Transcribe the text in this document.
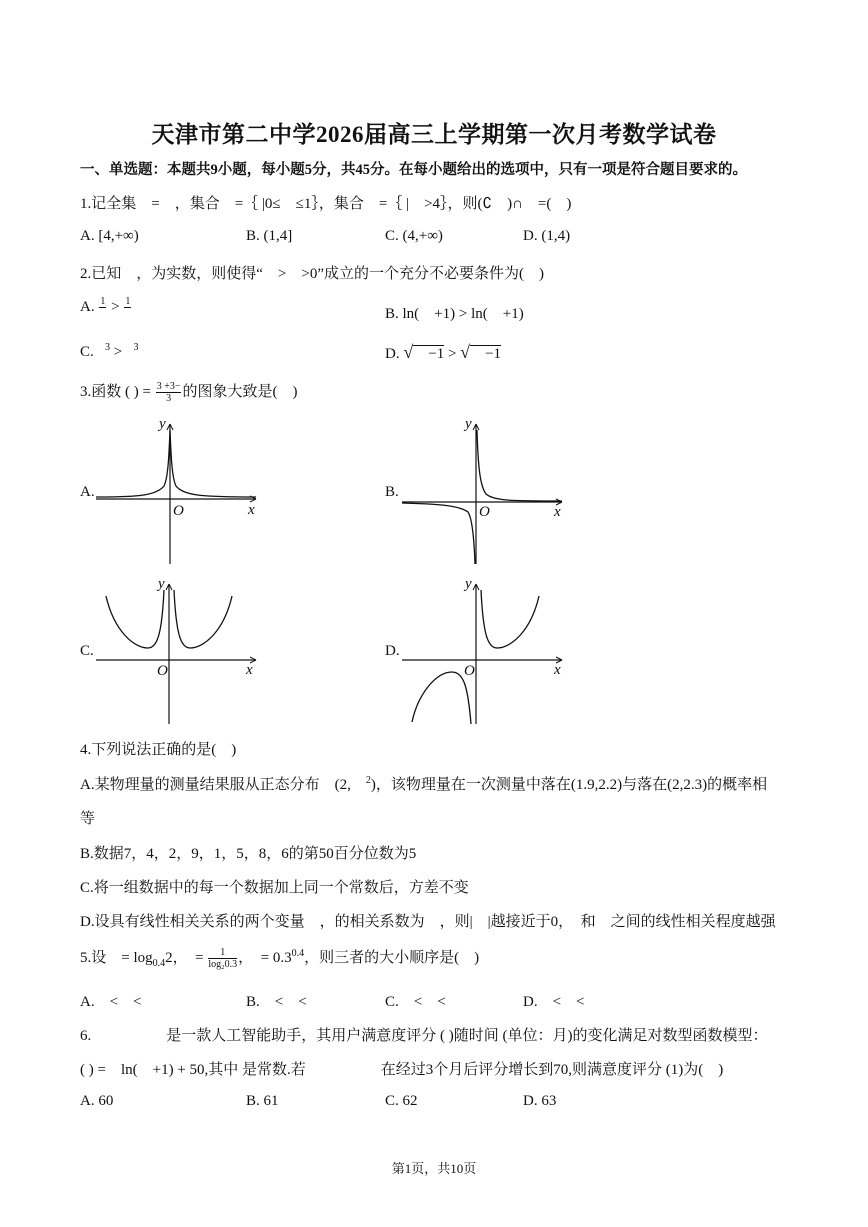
天津市第二中学2026届高三上学期第一次月考数学试卷
一、单选题：本题共9小题，每小题5分，共45分。在每小题给出的选项中，只有一项是符合题目要求的。
1.记全集　=　，集合　=｛ |0≤　≤1｝，集合　=｛ |　>4｝，则(∁　)∩　=(　)
A. [4,+∞)	B. (1,4]	C. (4,+∞)	D. (1,4)
2.已知　，为实数，则使得“　>　>0”成立的一个充分不必要条件为(　)
A. 1
> 1

B. ln(　+1) > ln(　+1)
C. $^3$ > $^3$	D. √　−1 > √　−1
3.函数 ( ) = $\frac{3 +3-}{3}$ 的图象大致是(　)
A.	B.
C.	D.
y
x
O
y
x
O
y
x
O
y
x
O
4.下列说法正确的是(　)
A.某物理量的测量结果服从正态分布　(2,　$^2$)，该物理量在一次测量中落在(1.9,2.2)与落在(2,2.3)的概率相
等
B.数据7，4，2，9，1，5，8，6的第50百分位数为5
C.将一组数据中的每一个数据加上同一个常数后，方差不变
D.设具有线性相关关系的两个变量　，的相关系数为　，则|　|越接近于0，　和　之间的线性相关程度越强
5.设　= $\log_{0.4}2$，　= $\frac{1}{\text{log₂0.3}}$ ，　= $0.3^{0.4}$，则三者的大小顺序是(　)
A.　<　<	B.　<　<	C.　<　<	D.　<　<
6.　　　　　是一款人工智能助手，其用户满意度评分 ( )随时间 (单位：月)的变化满足对数型函数模型：
( ) =　ln(　+1) + 50,其中 是常数.若　　　　　在经过3个月后评分增长到70,则满意度评分 (1)为(　)
A. 60	B. 61	C. 62	D. 63
第1页，共10页
